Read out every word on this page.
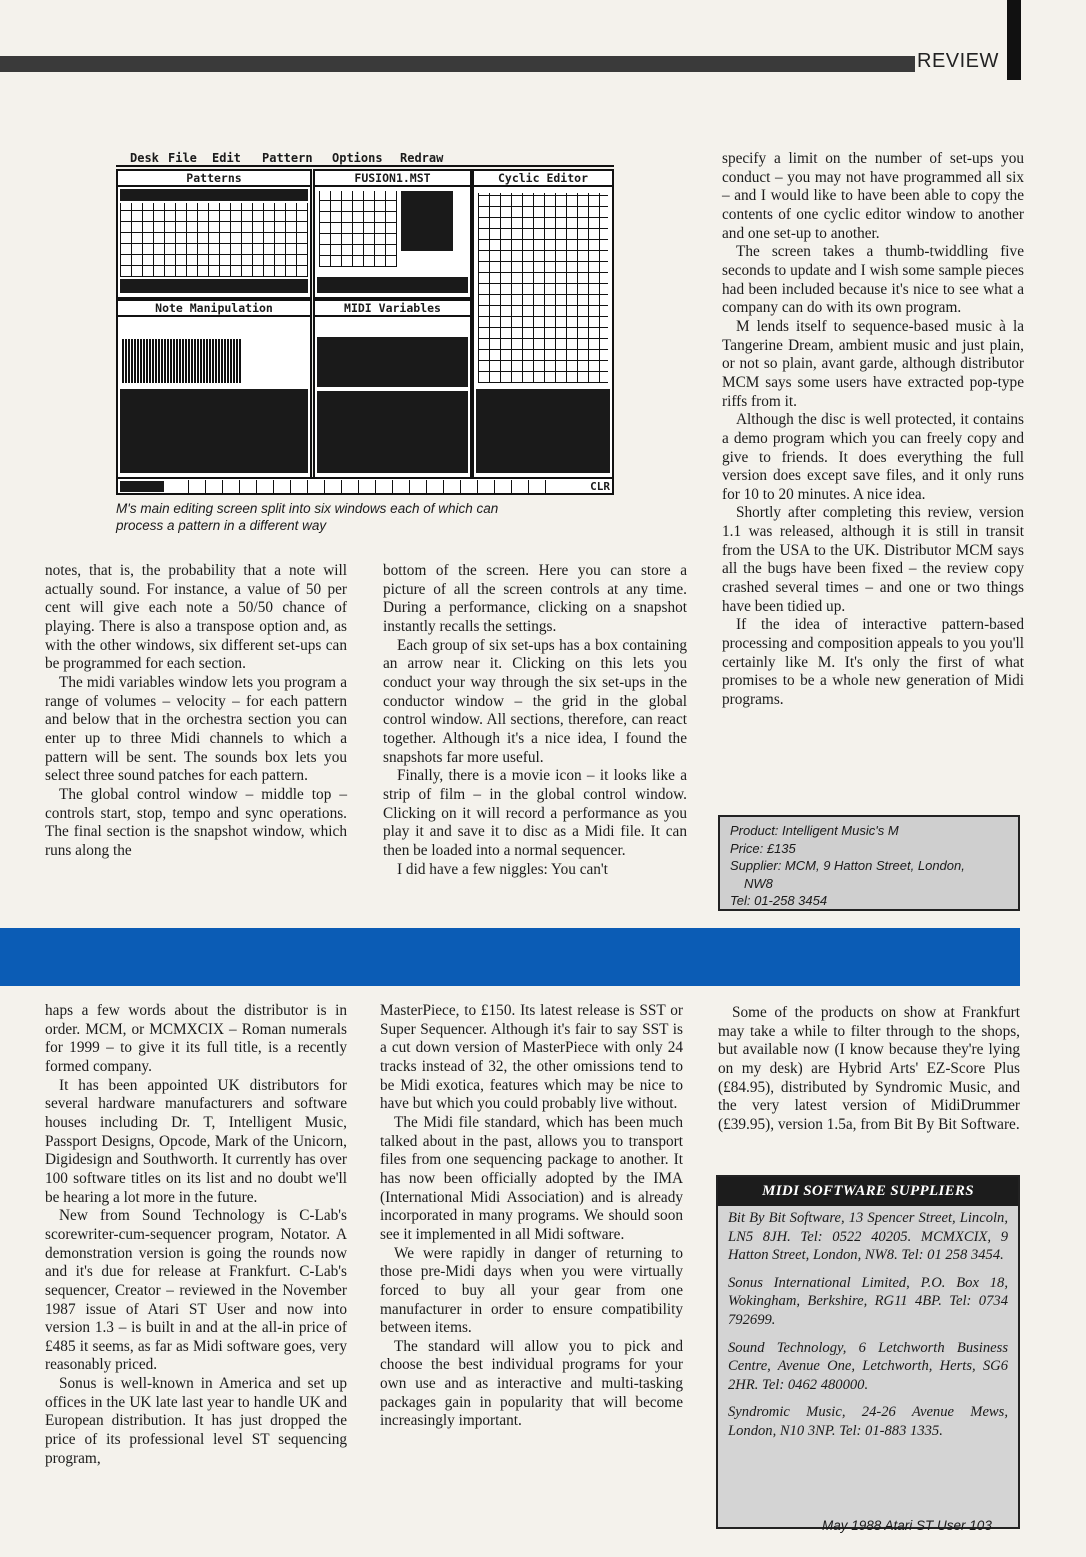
REVIEW
Desk File Edit Pattern Options Redraw
Patterns	FUSION1.MST	Cyclic Editor
Note Manipulation	MIDI Variables
CLR
M's main editing screen split into six windows each of which can process a pattern in a different way

notes, that is, the probability that a note will actually sound. For instance, a value of 50 per cent will give each note a 50/50 chance of playing. There is also a transpose option and, as with the other windows, six different set-ups can be programmed for each section.

The midi variables window lets you program a range of volumes – velocity – for each pattern and below that in the orchestra section you can enter up to three Midi channels to which a pattern will be sent. The sounds box lets you select three sound patches for each pattern.

The global control window – middle top – controls start, stop, tempo and sync operations. The final section is the snapshot window, which runs along the

bottom of the screen. Here you can store a picture of all the screen controls at any time. During a performance, clicking on a snapshot instantly recalls the settings.

Each group of six set-ups has a box containing an arrow near it. Clicking on this lets you conduct your way through the six set-ups in the conductor window – the grid in the global control window. All sections, therefore, can react together. Although it's a nice idea, I found the snapshots far more useful.

Finally, there is a movie icon – it looks like a strip of film – in the global control window. Clicking on it will record a performance as you play it and save it to disc as a Midi file. It can then be loaded into a normal sequencer.

I did have a few niggles: You can't

specify a limit on the number of set-ups you conduct – you may not have programmed all six – and I would like to have been able to copy the contents of one cyclic editor window to another and one set-up to another.

The screen takes a thumb-twiddling five seconds to update and I wish some sample pieces had been included because it's nice to see what a company can do with its own program.

M lends itself to sequence-based music à la Tangerine Dream, ambient music and just plain, or not so plain, avant garde, although distributor MCM says some users have extracted pop-type riffs from it.

Although the disc is well protected, it contains a demo program which you can freely copy and give to friends. It does everything the full version does except save files, and it only runs for 10 to 20 minutes. A nice idea.

Shortly after completing this review, version 1.1 was released, although it is still in transit from the USA to the UK. Distributor MCM says all the bugs have been fixed – the review copy crashed several times – and one or two things have been tidied up.

If the idea of interactive pattern-based processing and composition appeals to you you'll certainly like M. It's only the first of what promises to be a whole new generation of Midi programs.

Product: Intelligent Music's M
Price: £135
Supplier: MCM, 9 Hatton Street, London,
NW8
Tel: 01-258 3454

haps a few words about the distributor is in order. MCM, or MCMXCIX – Roman numerals for 1999 – to give it its full title, is a recently formed company.

It has been appointed UK distributors for several hardware manufacturers and software houses including Dr. T, Intelligent Music, Passport Designs, Opcode, Mark of the Unicorn, Digidesign and Southworth. It currently has over 100 software titles on its list and no doubt we'll be hearing a lot more in the future.

New from Sound Technology is C-Lab's scorewriter-cum-sequencer program, Notator. A demonstration version is going the rounds now and it's due for release at Frankfurt. C-Lab's sequencer, Creator – reviewed in the November 1987 issue of Atari ST User and now into version 1.3 – is built in and at the all-in price of £485 it seems, as far as Midi software goes, very reasonably priced.

Sonus is well-known in America and set up offices in the UK late last year to handle UK and European distribution. It has just dropped the price of its professional level ST sequencing program,

MasterPiece, to £150. Its latest release is SST or Super Sequencer. Although it's fair to say SST is a cut down version of MasterPiece with only 24 tracks instead of 32, the other omissions tend to be Midi exotica, features which may be nice to have but which you could probably live without.

The Midi file standard, which has been much talked about in the past, allows you to transport files from one sequencing package to another. It has now been officially adopted by the IMA (International Midi Association) and is already incorporated in many programs. We should soon see it implemented in all Midi software.

We were rapidly in danger of returning to those pre-Midi days when you were virtually forced to buy all your gear from one manufacturer in order to ensure compatibility between items.

The standard will allow you to pick and choose the best individual programs for your own use and as interactive and multi-tasking packages gain in popularity that will become increasingly important.

Some of the products on show at Frankfurt may take a while to filter through to the shops, but available now (I know because they're lying on my desk) are Hybrid Arts' EZ-Score Plus (£84.95), distributed by Syndromic Music, and the very latest version of MidiDrummer (£39.95), version 1.5a, from Bit By Bit Software.

MIDI SOFTWARE SUPPLIERS
Bit By Bit Software, 13 Spencer Street, Lincoln, LN5 8JH. Tel: 0522 40205. MCMXCIX, 9 Hatton Street, London, NW8. Tel: 01 258 3454.
Sonus International Limited, P.O. Box 18, Wokingham, Berkshire, RG11 4BP. Tel: 0734 792699.
Sound Technology, 6 Letchworth Business Centre, Avenue One, Letchworth, Herts, SG6 2HR. Tel: 0462 480000.
Syndromic Music, 24-26 Avenue Mews, London, N10 3NP. Tel: 01-883 1335.
May 1988 Atari ST User 103
